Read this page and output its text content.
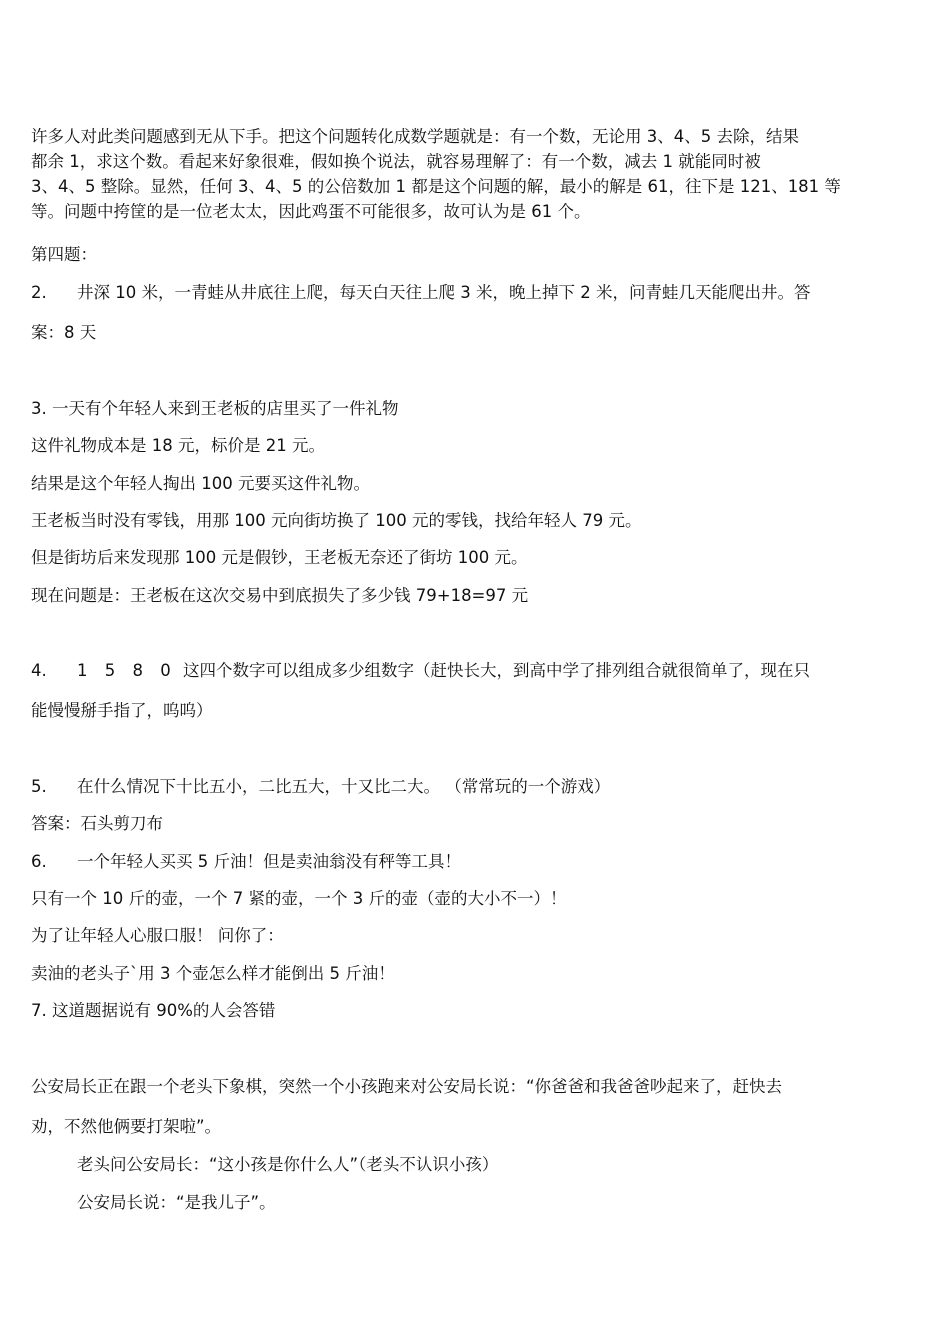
许多人对此类问题感到无从下手。把这个问题转化成数学题就是：有一个数，无论用 3、4、5 去除，结果
都余 1，求这个数。看起来好象很难，假如换个说法，就容易理解了：有一个数，减去 1 就能同时被
3、4、5 整除。显然，任何 3、4、5 的公倍数加 1 都是这个问题的解，最小的解是 61，往下是 121、181 等
等。问题中挎筐的是一位老太太，因此鸡蛋不可能很多，故可认为是 61 个。
第四题：
2. 井深 10 米，一青蛙从井底往上爬，每天白天往上爬 3 米，晚上掉下 2 米，问青蛙几天能爬出井。答
案：8 天
3. 一天有个年轻人来到王老板的店里买了一件礼物
这件礼物成本是 18 元，标价是 21 元。
结果是这个年轻人掏出 100 元要买这件礼物。
王老板当时没有零钱，用那 100 元向街坊换了 100 元的零钱，找给年轻人 79 元。
但是街坊后来发现那 100 元是假钞，王老板无奈还了街坊 100 元。
现在问题是：王老板在这次交易中到底损失了多少钱 79+18=97 元
4. 1 5 8 0 这四个数字可以组成多少组数字（赶快长大，到高中学了排列组合就很简单了，现在只
能慢慢掰手指了，呜呜）
5. 在什么情况下十比五小，二比五大，十又比二大。 （常常玩的一个游戏）
答案：石头剪刀布
6. 一个年轻人买买 5 斤油！但是卖油翁没有秤等工具！
只有一个 10 斤的壶，一个 7 紧的壶，一个 3 斤的壶（壶的大小不一）！
为了让年轻人心服口服！ 问你了：
卖油的老头子`用 3 个壶怎么样才能倒出 5 斤油！
7. 这道题据说有 90%的人会答错
公安局长正在跟一个老头下象棋，突然一个小孩跑来对公安局长说：“你爸爸和我爸爸吵起来了，赶快去
劝，不然他俩要打架啦”。
老头问公安局长：“这小孩是你什么人”（老头不认识小孩）
公安局长说：“是我儿子”。
